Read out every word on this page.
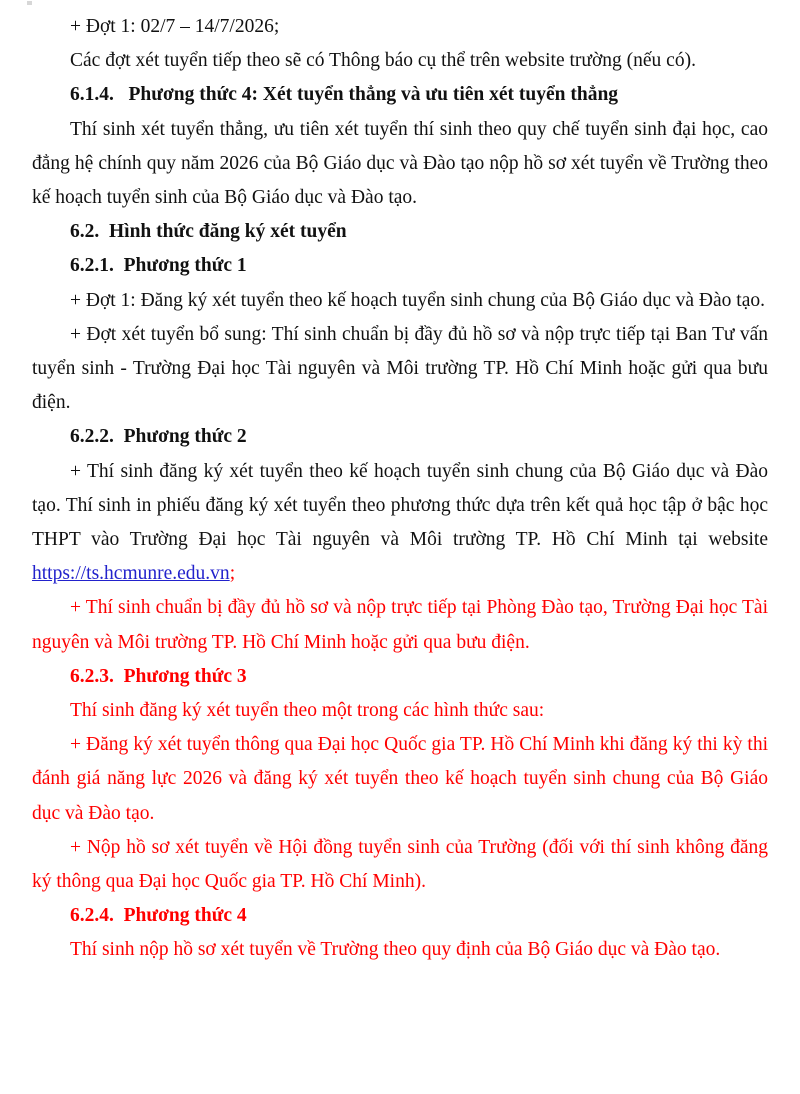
+ Đợt 1: 02/7 – 14/7/2026;

Các đợt xét tuyển tiếp theo sẽ có Thông báo cụ thể trên website trường (nếu có).

6.1.4. Phương thức 4: Xét tuyển thẳng và ưu tiên xét tuyển thẳng

Thí sinh xét tuyển thẳng, ưu tiên xét tuyển thí sinh theo quy chế tuyển sinh đại học, cao đẳng hệ chính quy năm 2026 của Bộ Giáo dục và Đào tạo nộp hồ sơ xét tuyển về Trường theo kế hoạch tuyển sinh của Bộ Giáo dục và Đào tạo.

6.2. Hình thức đăng ký xét tuyển
6.2.1. Phương thức 1

+ Đợt 1: Đăng ký xét tuyển theo kế hoạch tuyển sinh chung của Bộ Giáo dục và Đào tạo.

+ Đợt xét tuyển bổ sung: Thí sinh chuẩn bị đầy đủ hồ sơ và nộp trực tiếp tại Ban Tư vấn tuyển sinh - Trường Đại học Tài nguyên và Môi trường TP. Hồ Chí Minh hoặc gửi qua bưu điện.

6.2.2. Phương thức 2

+ Thí sinh đăng ký xét tuyển theo kế hoạch tuyển sinh chung của Bộ Giáo dục và Đào tạo. Thí sinh in phiếu đăng ký xét tuyển theo phương thức dựa trên kết quả học tập ở bậc học THPT vào Trường Đại học Tài nguyên và Môi trường TP. Hồ Chí Minh tại website https://ts.hcmunre.edu.vn;

+ Thí sinh chuẩn bị đầy đủ hồ sơ và nộp trực tiếp tại Phòng Đào tạo, Trường Đại học Tài nguyên và Môi trường TP. Hồ Chí Minh hoặc gửi qua bưu điện.

6.2.3. Phương thức 3

Thí sinh đăng ký xét tuyển theo một trong các hình thức sau:

+ Đăng ký xét tuyển thông qua Đại học Quốc gia TP. Hồ Chí Minh khi đăng ký thi kỳ thi đánh giá năng lực 2026 và đăng ký xét tuyển theo kế hoạch tuyển sinh chung của Bộ Giáo dục và Đào tạo.

+ Nộp hồ sơ xét tuyển về Hội đồng tuyển sinh của Trường (đối với thí sinh không đăng ký thông qua Đại học Quốc gia TP. Hồ Chí Minh).

6.2.4. Phương thức 4

Thí sinh nộp hồ sơ xét tuyển về Trường theo quy định của Bộ Giáo dục và Đào tạo.
